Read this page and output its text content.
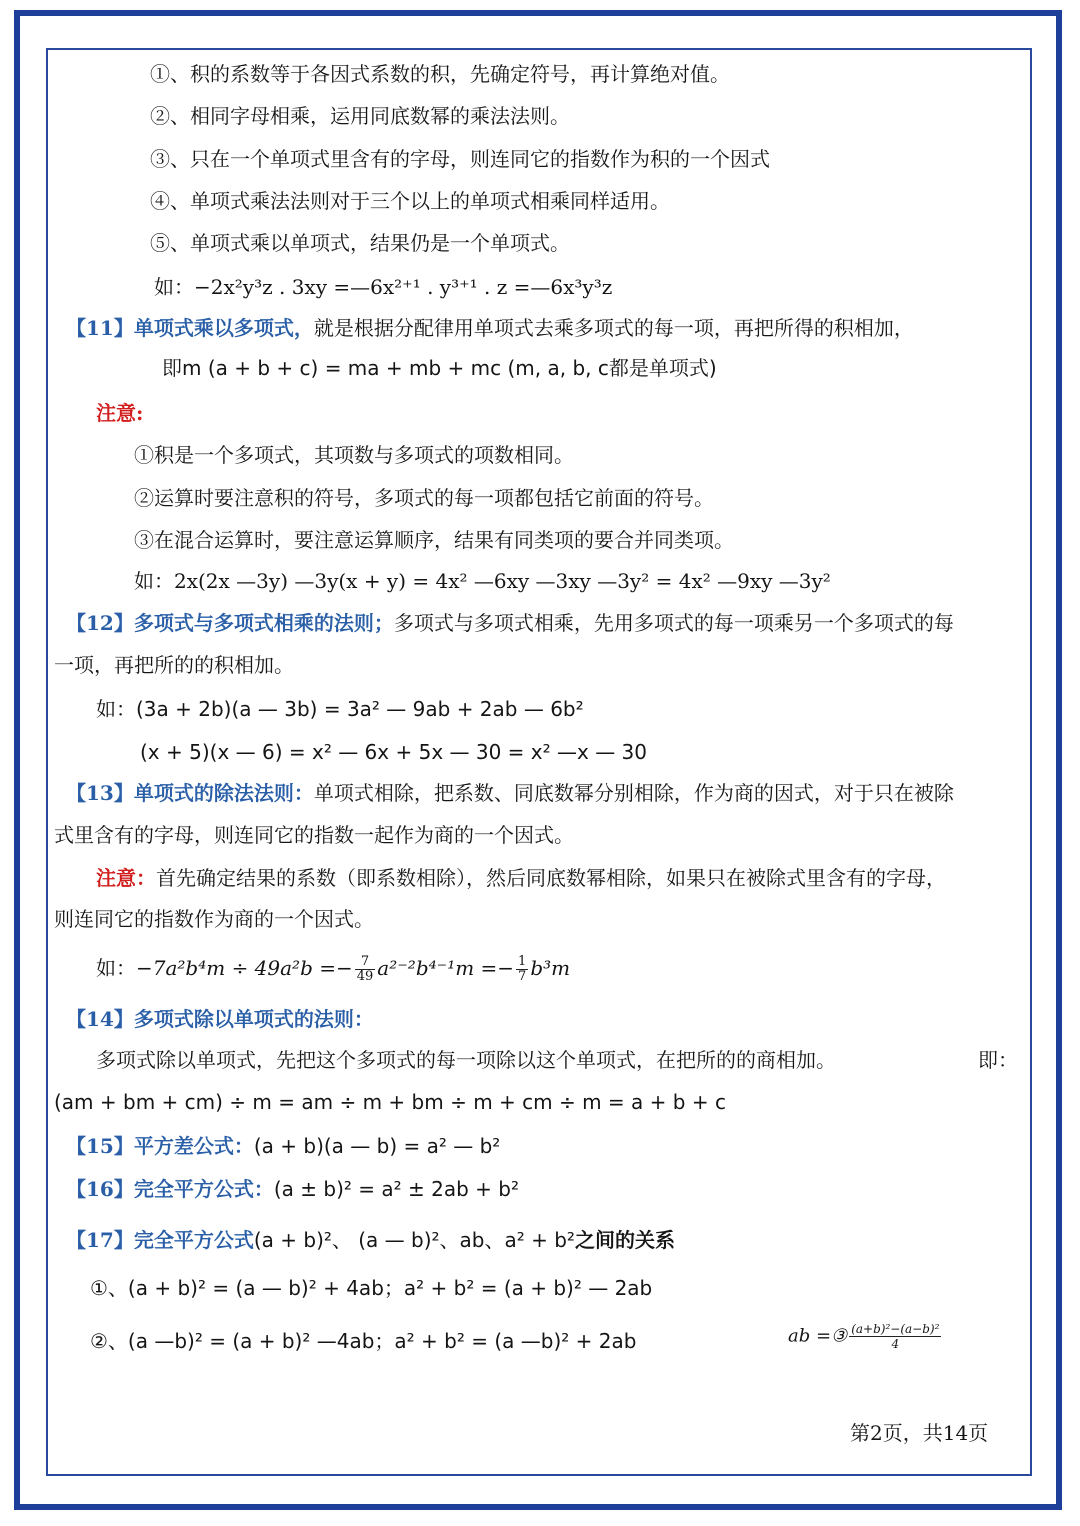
①、积的系数等于各因式系数的积，先确定符号，再计算绝对值。
②、相同字母相乘，运用同底数幂的乘法法则。
③、只在一个单项式里含有的字母，则连同它的指数作为积的一个因式
④、单项式乘法法则对于三个以上的单项式相乘同样适用。
⑤、单项式乘以单项式，结果仍是一个单项式。
如：−2x²y³z . 3xy =—6x²⁺¹ . y³⁺¹ . z =—6x³y³z
【11】单项式乘以多项式，就是根据分配律用单项式去乘多项式的每一项，再把所得的积相加，
即m (a + b + c) = ma + mb + mc (m, a, b, c都是单项式)
注意:
①积是一个多项式，其项数与多项式的项数相同。
②运算时要注意积的符号，多项式的每一项都包括它前面的符号。
③在混合运算时，要注意运算顺序，结果有同类项的要合并同类项。
如：2x(2x —3y) —3y(x + y) = 4x² —6xy —3xy —3y² = 4x² —9xy —3y²
【12】多项式与多项式相乘的法则；多项式与多项式相乘，先用多项式的每一项乘另一个多项式的每
一项，再把所的的积相加。
如：(3a + 2b)(a — 3b) = 3a² — 9ab + 2ab — 6b²
(x + 5)(x — 6) = x² — 6x + 5x — 30 = x² —x — 30
【13】单项式的除法法则：单项式相除，把系数、同底数幂分别相除，作为商的因式，对于只在被除
式里含有的字母，则连同它的指数一起作为商的一个因式。
注意：首先确定结果的系数（即系数相除），然后同底数幂相除，如果只在被除式里含有的字母，
则连同它的指数作为商的一个因式。
如：$-7a^2b^4m \div 49a^2b =- \frac{7}{49} a^{2-2}b^{4-1}m =- \frac{1}{7} b^3m$
【14】多项式除以单项式的法则：
多项式除以单项式，先把这个多项式的每一项除以这个单项式，在把所的的商相加。	即：
(am + bm + cm) ÷ m = am ÷ m + bm ÷ m + cm ÷ m = a + b + c
【15】平方差公式：(a + b)(a — b) = a² — b²
【16】完全平方公式：(a ± b)² = a² ± 2ab + b²
【17】完全平方公式(a + b)²、 (a — b)²、ab、a² + b²之间的关系
①、(a + b)² = (a — b)² + 4ab；a² + b² = (a + b)² — 2ab
②、(a —b)² = (a + b)² —4ab；a² + b² = (a —b)² + 2ab	ab =③ $\frac{\text{(a+b)²−(a−b)²}}{4}$
第2页，共14页
